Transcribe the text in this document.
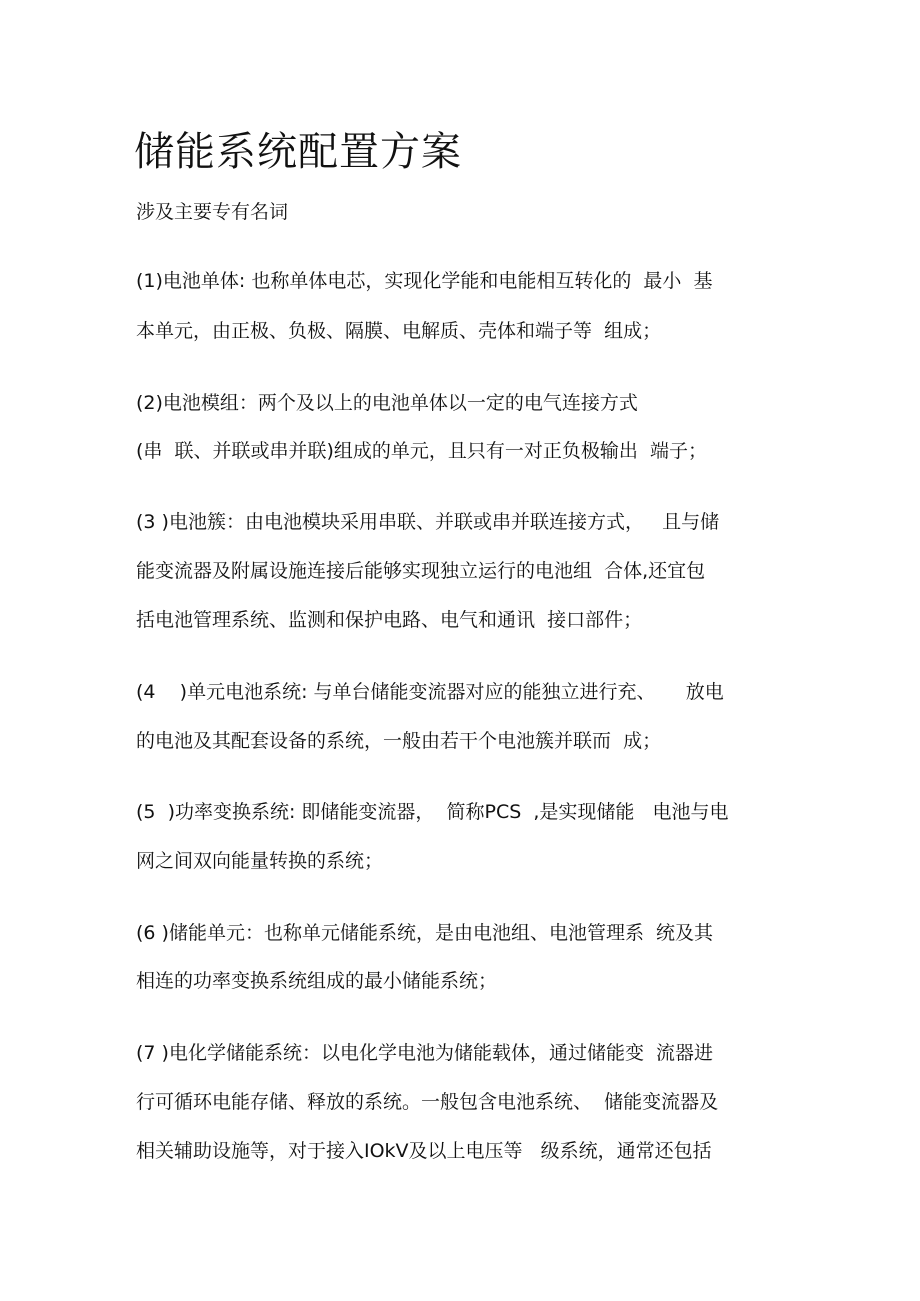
储能系统配置方案
涉及主要专有名词
(1)电池单体: 也称单体电芯，实现化学能和电能相互转化的  最小  基
本单元，由正极、负极、隔膜、电解质、壳体和端子等  组成；
(2)电池模组：两个及以上的电池单体以一定的电气连接方式
(串  联、并联或串并联)组成的单元，且只有一对正负极输出  端子；
(3 )电池簇：由电池模块采用串联、并联或串并联连接方式，   且与储
能变流器及附属设施连接后能够实现独立运行的电池组  合体,还宜包
括电池管理系统、监测和保护电路、电气和通讯  接口部件；
(4    )单元电池系统: 与单台储能变流器对应的能独立进行充、     放电
的电池及其配套设备的系统，一般由若干个电池簇并联而  成；
(5  )功率变换系统: 即储能变流器，  简称PCS  ,是实现储能   电池与电
网之间双向能量转换的系统；
(6 )储能单元：也称单元储能系统，是由电池组、电池管理系  统及其
相连的功率变换系统组成的最小储能系统；
(7 )电化学储能系统：以电化学电池为储能载体，通过储能变  流器进
行可循环电能存储、释放的系统。一般包含电池系统、  储能变流器及
相关辅助设施等，对于接入IOkV及以上电压等   级系统，通常还包括
